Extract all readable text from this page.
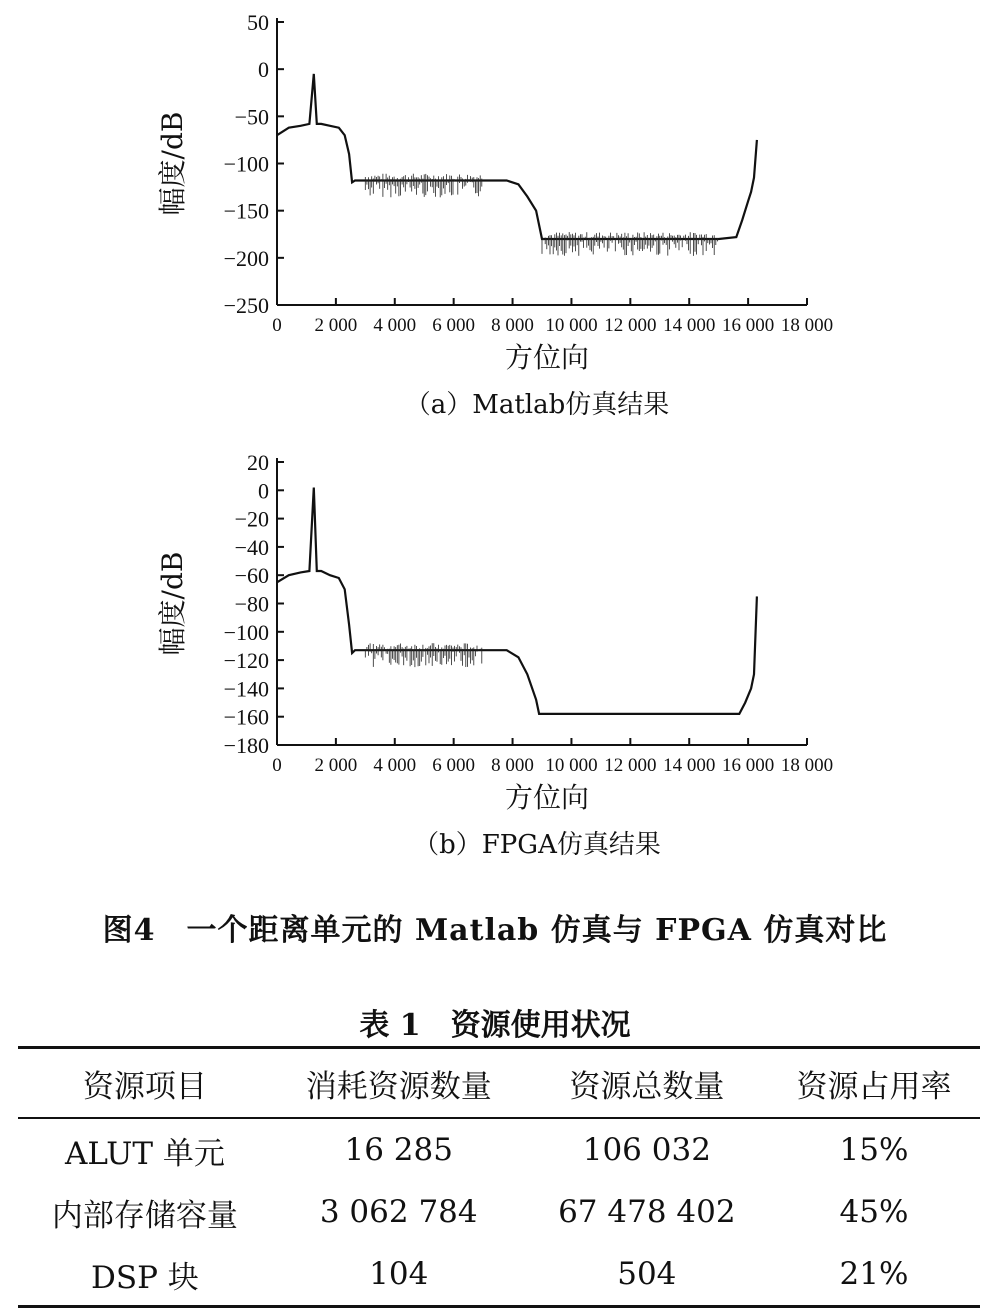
50
0
−50
−100
−150
−200
−250
0 2 000 4 000 6 000 8 000 10 000 12 000 14 000 16 000 18 000
幅度/dB
方位向
（a）Matlab仿真结果
20
0
−20
−40
−60
−80
−100
−120
−140
−160
−180
0 2 000 4 000 6 000 8 000 10 000 12 000 14 000 16 000 18 000
幅度/dB
方位向
（b）FPGA仿真结果
图4　一个距离单元的 Matlab 仿真与 FPGA 仿真对比
表 1　资源使用状况
资源项目	消耗资源数量	资源总数量	资源占用率
ALUT 单元	16 285	106 032	15%
内部存储容量	3 062 784	67 478 402	45%
DSP 块	104	504	21%
